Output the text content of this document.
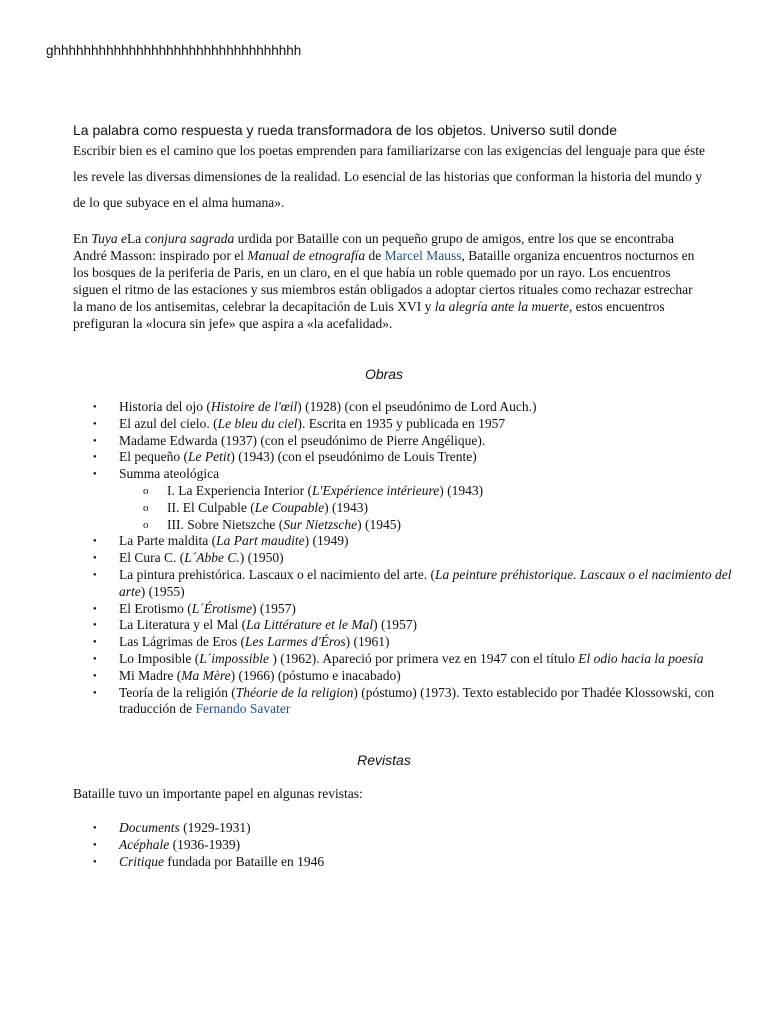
ghhhhhhhhhhhhhhhhhhhhhhhhhhhhhhhhh
La palabra como respuesta y rueda transformadora de los objetos. Universo sutil donde
Escribir bien es el camino que los poetas emprenden para familiarizarse con las exigencias del lenguaje para que éste les revele las diversas dimensiones de la realidad. Lo esencial de las historias que conforman la historia del mundo y de lo que subyace en el alma humana».
En Tuya eLa conjura sagrada urdida por Bataille con un pequeño grupo de amigos, entre los que se encontraba André Masson: inspirado por el Manual de etnografía de Marcel Mauss, Bataille organiza encuentros nocturnos en los bosques de la periferia de Paris, en un claro, en el que había un roble quemado por un rayo. Los encuentros siguen el ritmo de las estaciones y sus miembros están obligados a adoptar ciertos rituales como rechazar estrechar la mano de los antisemitas, celebrar la decapitación de Luis XVI y la alegría ante la muerte, estos encuentros prefiguran la «locura sin jefe» que aspira a «la acefalidad».
Obras
● Historia del ojo (Histoire de l'œil) (1928) (con el pseudónimo de Lord Auch.)
● El azul del cielo. (Le bleu du ciel). Escrita en 1935 y publicada en 1957
● Madame Edwarda (1937) (con el pseudónimo de Pierre Angélique).
● El pequeño (Le Petit) (1943) (con el pseudónimo de Louis Trente)
● Summa ateológica
o I. La Experiencia Interior (L'Expérience intérieure) (1943)
o II. El Culpable (Le Coupable) (1943)
o III. Sobre Nietszche (Sur Nietzsche) (1945)
● La Parte maldita (La Part maudite) (1949)
● El Cura C. (L´Abbe C.) (1950)
● La pintura prehistórica. Lascaux o el nacimiento del arte. (La peinture préhistorique. Lascaux o el nacimiento del arte) (1955)
● El Erotismo (L´Érotisme) (1957)
● La Literatura y el Mal (La Littérature et le Mal) (1957)
● Las Lágrimas de Eros (Les Larmes d'Éros) (1961)
● Lo Imposible (L´impossible ) (1962). Apareció por primera vez en 1947 con el título El odio hacia la poesía
● Mi Madre (Ma Mère) (1966) (póstumo e inacabado)
● Teoría de la religión (Théorie de la religion) (póstumo) (1973). Texto establecido por Thadée Klossowski, con traducción de Fernando Savater
Revistas
Bataille tuvo un importante papel en algunas revistas:
● Documents (1929-1931)
● Acéphale (1936-1939)
● Critique fundada por Bataille en 1946
